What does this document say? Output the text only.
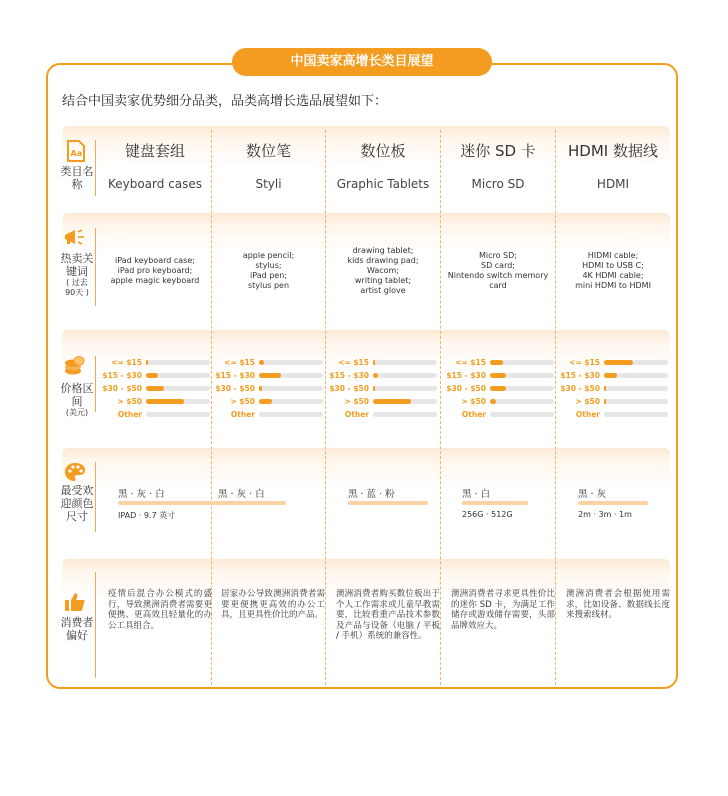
中国卖家高增长类目展望
结合中国卖家优势细分品类，品类高增长选品展望如下：
Aa
类目名称
键盘套组
Keyboard cases
数位笔
Styli
数位板
Graphic Tablets
迷你 SD 卡
Micro SD
HDMI 数据线
HDMI
热卖关键词
( 过去 90天 )
iPad keyboard case;
iPad pro keyboard;
apple magic keyboard
apple pencil;
stylus;
iPad pen;
stylus pen
drawing tablet;
kids drawing pad;
Wacom;
writing tablet;
artist glove
Micro SD;
SD card;
Nintendo switch memory card
HIDMI cable;
HDMI to USB C;
4K HDMI cable;
mini HDMI to HDMI
价格区间
(美元)
<= $15
$15 - $30
$30 - $50
> $50
Other
<= $15
$15 - $30
$30 - $50
> $50
Other
<= $15
$15 - $30
$30 - $50
> $50
Other
<= $15
$15 - $30
$30 - $50
> $50
Other
<= $15
$15 - $30
$30 - $50
> $50
Other
最受欢迎颜色尺寸
黑 · 灰 · 白
IPAD · 9.7 英寸
黑 · 灰 · 白	黑 · 蓝 · 粉	黑 · 白
256G · 512G
黑 · 灰
2m · 3m · 1m
消费者偏好
疫情后混合办公模式的盛行，导致澳洲消费者需要更便携、更高效且轻量化的办公工具组合。
居家办公导致澳洲消费者需要更便携更高效的办公工具，且更具性价比的产品。
澳洲消费者购买数位板出于个人工作需求或儿童早教需要，比较看重产品技术参数及产品与设备（电脑 / 平板 / 手机）系统的兼容性。
澳洲消费者寻求更具性价比的迷你 SD 卡，为满足工作储存或游戏储存需要，头部品牌效应大。
澳洲消费者会根据使用需求，比如设备、数据线长度来搜索线材。
